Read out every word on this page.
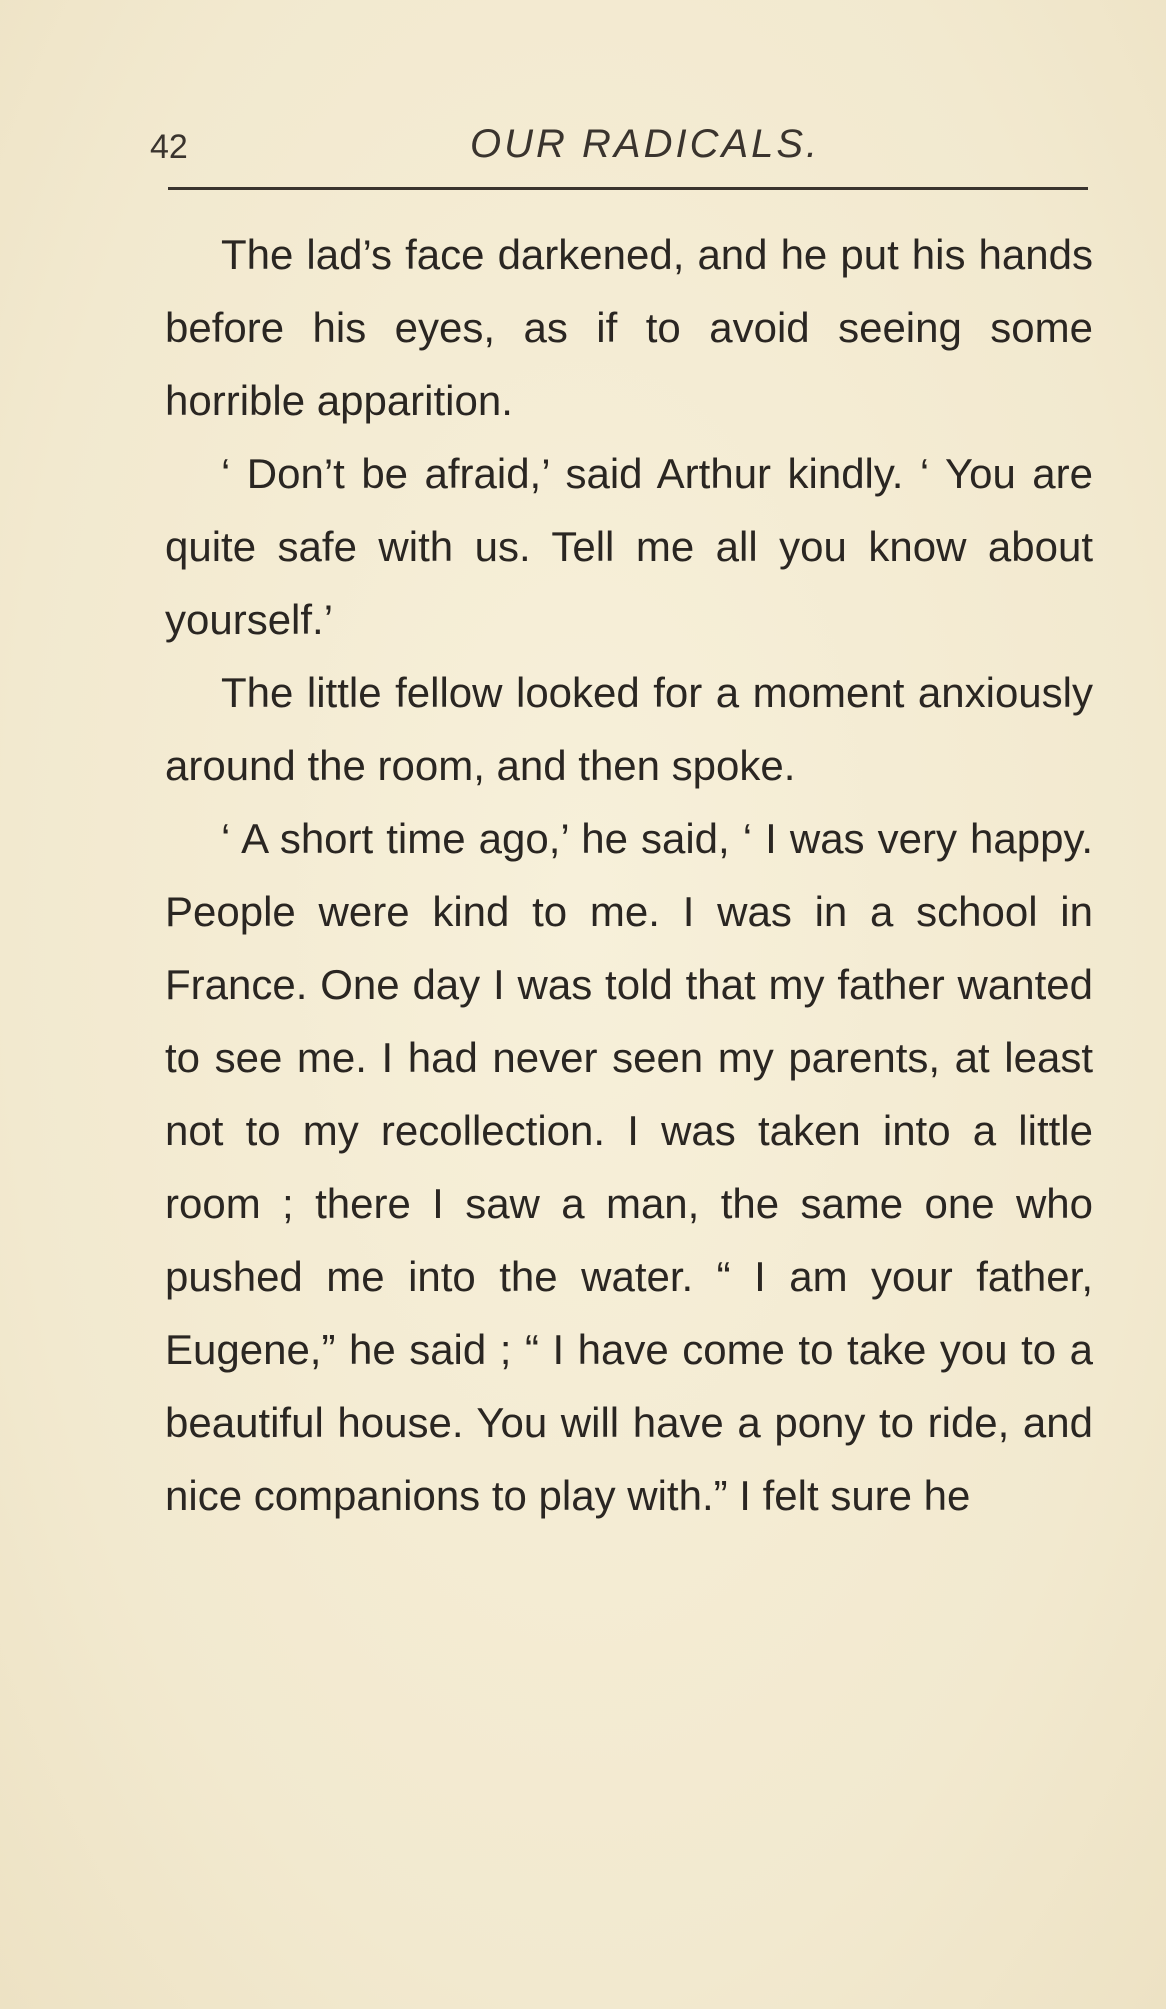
42	OUR RADICALS.

The lad’s face darkened, and he put his hands before his eyes, as if to avoid seeing some horrible apparition.

‘ Don’t be afraid,’ said Arthur kindly. ‘ You are quite safe with us. Tell me all you know about yourself.’

The little fellow looked for a moment anxiously around the room, and then spoke.

‘ A short time ago,’ he said, ‘ I was very happy. People were kind to me. I was in a school in France. One day I was told that my father wanted to see me. I had never seen my parents, at least not to my recollection. I was taken into a little room ; there I saw a man, the same one who pushed me into the water. “ I am your father, Eugene,” he said ; “ I have come to take you to a beautiful house. You will have a pony to ride, and nice companions to play with.” I felt sure he
